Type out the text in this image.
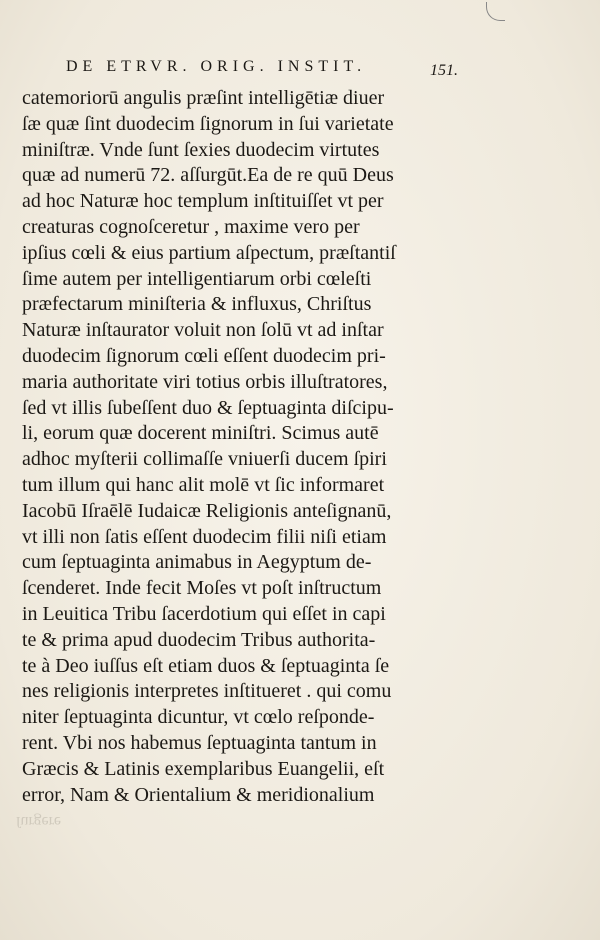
DE ETRVR. ORIG. INSTIT.	151.
catemoriorū angulis præſint intelligētiæ diuer
ſæ quæ ſint duodecim ſignorum in ſui varietate
miniſtræ. Vnde ſunt ſexies duodecim virtutes
quæ ad numerū 72. aſſurgūt.Ea de re quū Deus
ad hoc Naturæ hoc templum inſtituiſſet vt per
creaturas cognoſceretur , maxime vero per
ipſius cœli & eius partium aſpectum, præſtantiſ
ſime autem per intelligentiarum orbi cœleſti
præfectarum miniſteria & influxus, Chriſtus
Naturæ inſtaurator voluit non ſolū vt ad inſtar
duodecim ſignorum cœli eſſent duodecim pri-
maria authoritate viri totius orbis illuſtratores,
ſed vt illis ſubeſſent duo & ſeptuaginta diſcipu-
li, eorum quæ docerent miniſtri. Scimus autē
adhoc myſterii collimaſſe vniuerſi ducem ſpiri
tum illum qui hanc alit molē vt ſic informaret
Iacobū Iſraēlē Iudaicæ Religionis anteſignanū,
vt illi non ſatis eſſent duodecim filii niſi etiam
cum ſeptuaginta animabus in Aegyptum de-
ſcenderet. Inde fecit Moſes vt poſt inſtructum
in Leuitica Tribu ſacerdotium qui eſſet in capi
te & prima apud duodecim Tribus authorita-
te à Deo iuſſus eſt etiam duos & ſeptuaginta ſe
nes religionis interpretes inſtitueret . qui comu
niter ſeptuaginta dicuntur, vt cœlo reſponde-
rent. Vbi nos habemus ſeptuaginta tantum in
Græcis & Latinis exemplaribus Euangelii, eſt
error, Nam & Orientalium & meridionalium
ſurgere
